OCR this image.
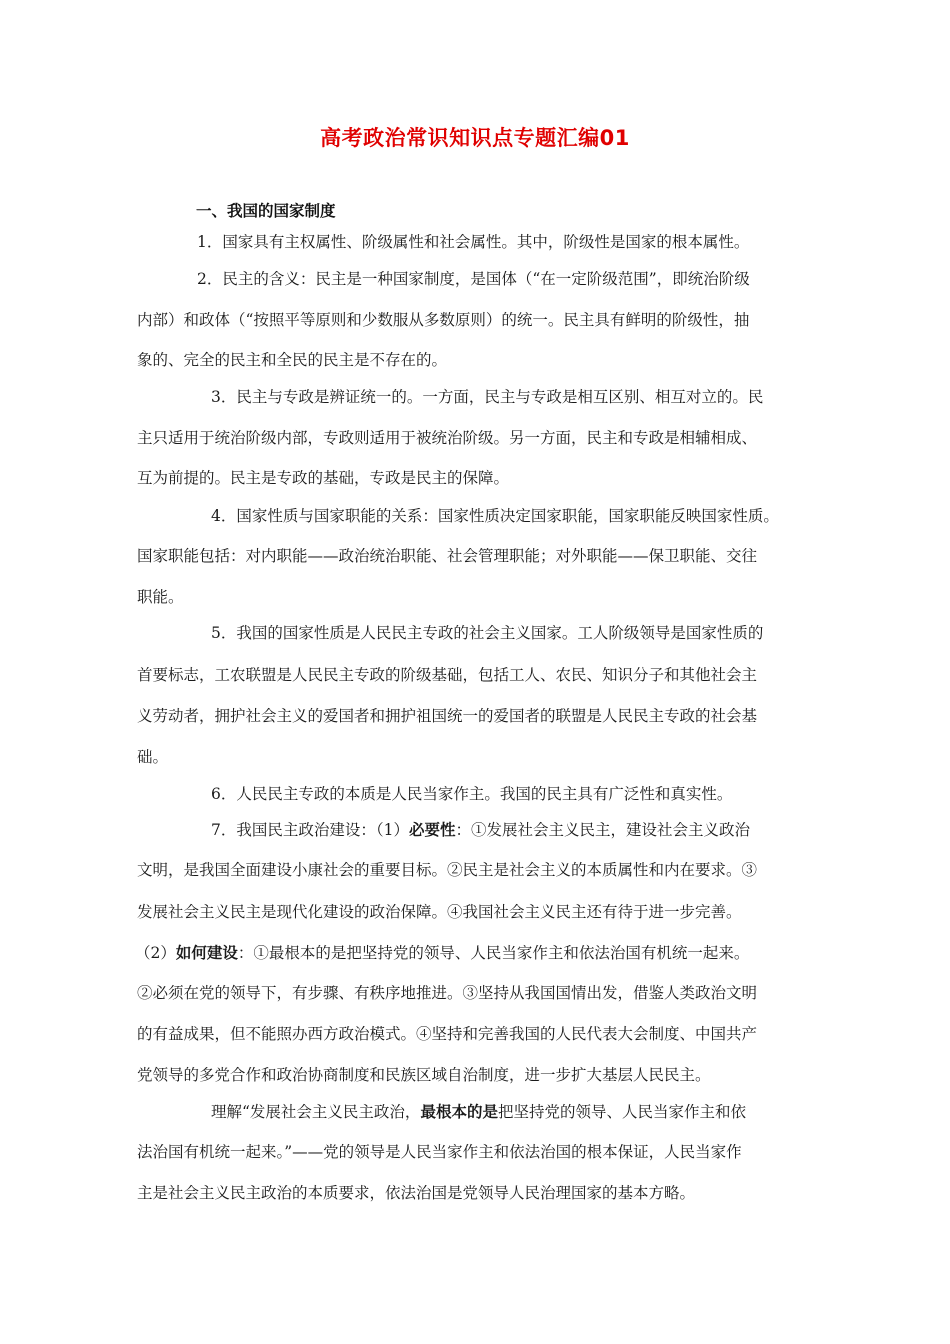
高考政治常识知识点专题汇编01
一、我国的国家制度
1．国家具有主权属性、阶级属性和社会属性。其中，阶级性是国家的根本属性。
2．民主的含义：民主是一种国家制度，是国体（“在一定阶级范围”，即统治阶级
内部）和政体（“按照平等原则和少数服从多数原则）的统一。民主具有鲜明的阶级性，抽
象的、完全的民主和全民的民主是不存在的。
3．民主与专政是辨证统一的。一方面，民主与专政是相互区别、相互对立的。民
主只适用于统治阶级内部，专政则适用于被统治阶级。另一方面，民主和专政是相辅相成、
互为前提的。民主是专政的基础，专政是民主的保障。
4．国家性质与国家职能的关系：国家性质决定国家职能，国家职能反映国家性质。
国家职能包括：对内职能——政治统治职能、社会管理职能；对外职能——保卫职能、交往
职能。
5．我国的国家性质是人民民主专政的社会主义国家。工人阶级领导是国家性质的
首要标志，工农联盟是人民民主专政的阶级基础，包括工人、农民、知识分子和其他社会主
义劳动者，拥护社会主义的爱国者和拥护祖国统一的爱国者的联盟是人民民主专政的社会基
础。
6．人民民主专政的本质是人民当家作主。我国的民主具有广泛性和真实性。
7．我国民主政治建设：（1）必要性：①发展社会主义民主，建设社会主义政治
文明，是我国全面建设小康社会的重要目标。②民主是社会主义的本质属性和内在要求。③
发展社会主义民主是现代化建设的政治保障。④我国社会主义民主还有待于进一步完善。
（2）如何建设：①最根本的是把坚持党的领导、人民当家作主和依法治国有机统一起来。
②必须在党的领导下，有步骤、有秩序地推进。③坚持从我国国情出发，借鉴人类政治文明
的有益成果，但不能照办西方政治模式。④坚持和完善我国的人民代表大会制度、中国共产
党领导的多党合作和政治协商制度和民族区域自治制度，进一步扩大基层人民民主。
理解“发展社会主义民主政治，最根本的是把坚持党的领导、人民当家作主和依
法治国有机统一起来。”——党的领导是人民当家作主和依法治国的根本保证，人民当家作
主是社会主义民主政治的本质要求，依法治国是党领导人民治理国家的基本方略。
